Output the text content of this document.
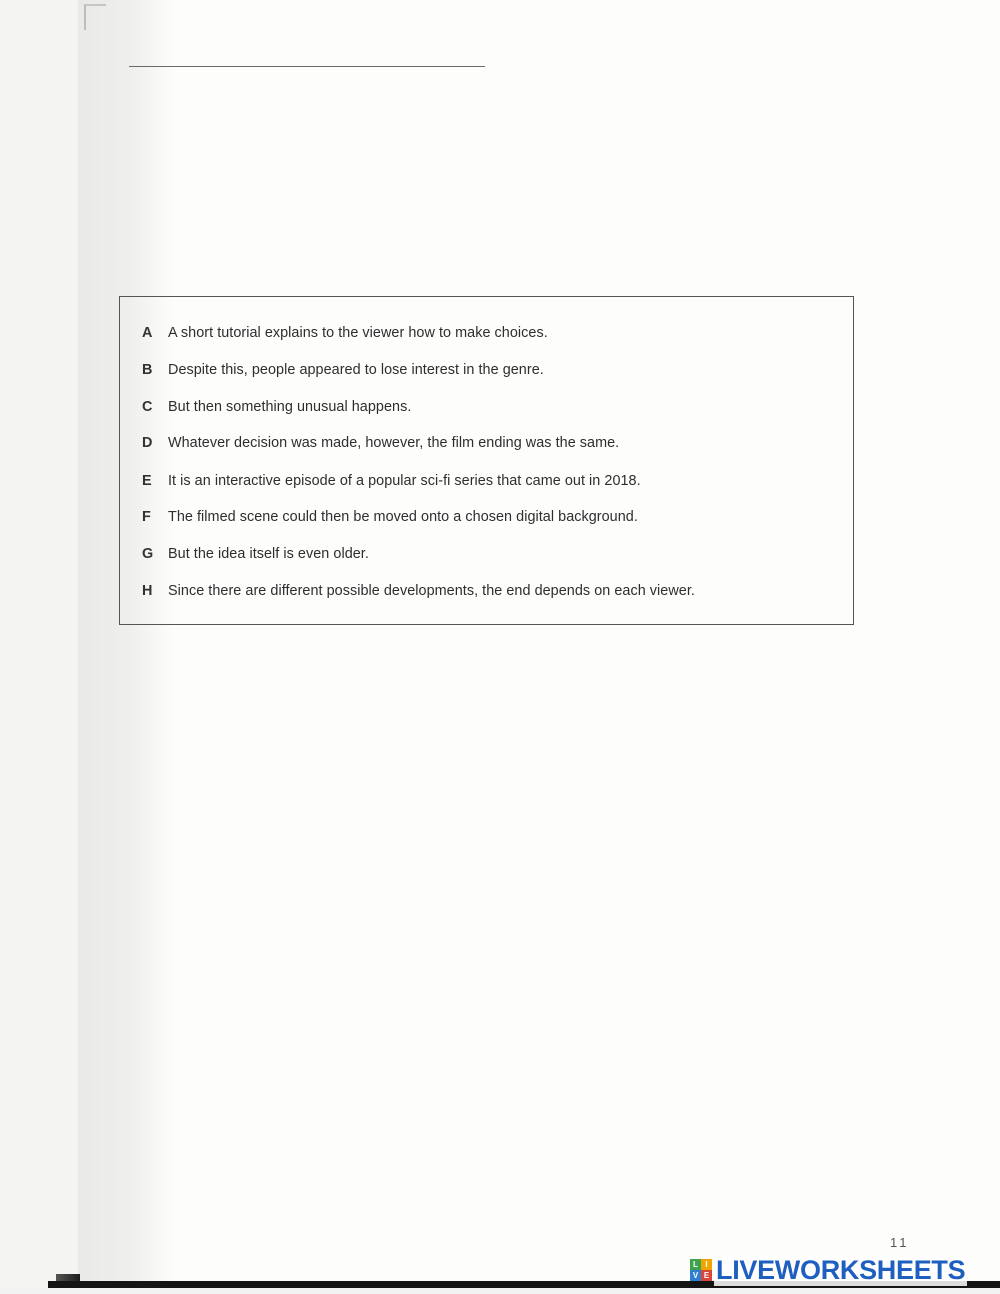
A	A short tutorial explains to the viewer how to make choices.
B	Despite this, people appeared to lose interest in the genre.
C	But then something unusual happens.
D	Whatever decision was made, however, the film ending was the same.
E	It is an interactive episode of a popular sci-fi series that came out in 2018.
F	The filmed scene could then be moved onto a chosen digital background.
G	But the idea itself is even older.
H	Since there are different possible developments, the end depends on each viewer.
11
L I
V E LIVEWORKSHEETS
